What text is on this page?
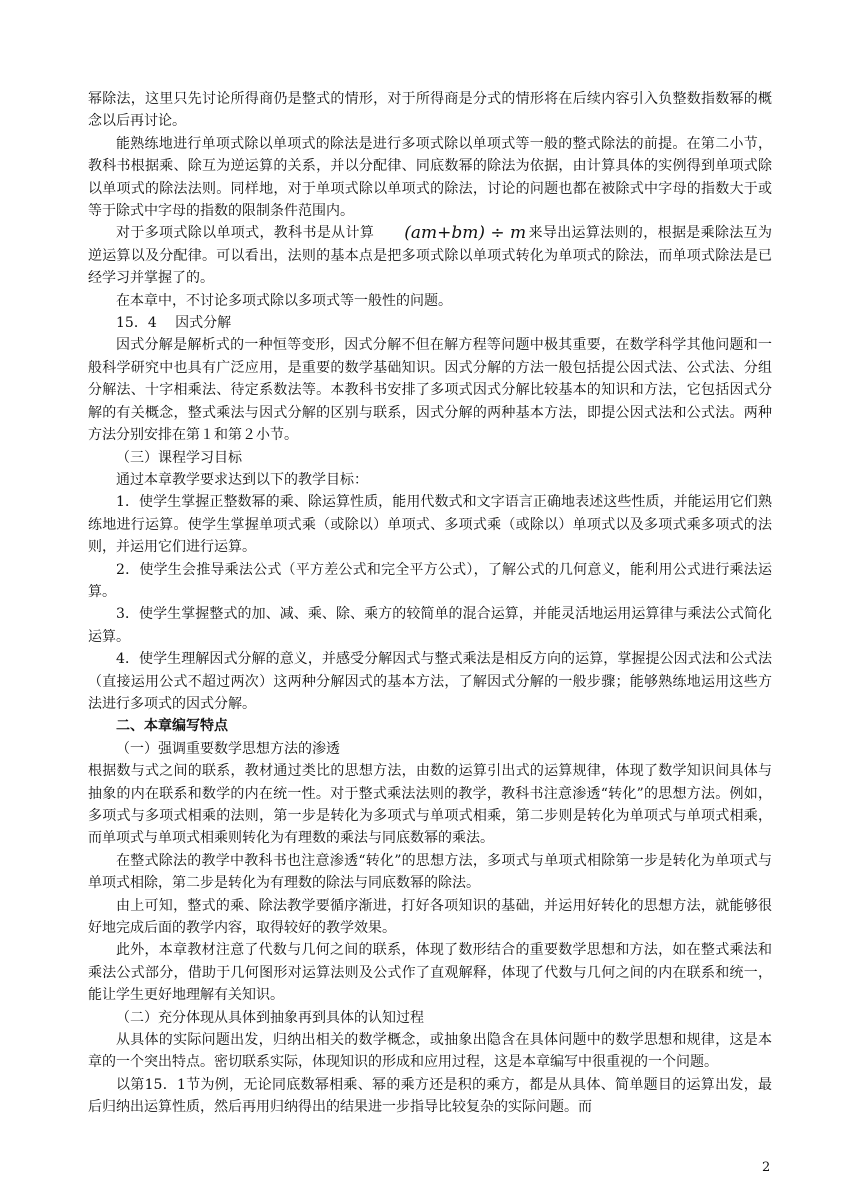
幂除法，这里只先讨论所得商仍是整式的情形，对于所得商是分式的情形将在后续内容引入负整数指数幂的概念以后再讨论。

能熟练地进行单项式除以单项式的除法是进行多项式除以单项式等一般的整式除法的前提。在第二小节，教科书根据乘、除互为逆运算的关系，并以分配律、同底数幂的除法为依据，由计算具体的实例得到单项式除以单项式的除法法则。同样地，对于单项式除以单项式的除法，讨论的问题也都在被除式中字母的指数大于或等于除式中字母的指数的限制条件范围内。

对于多项式除以单项式，教科书是从计算 (am+bm) ÷ m 来导出运算法则的，根据是乘除法互为逆运算以及分配律。可以看出，法则的基本点是把多项式除以单项式转化为单项式的除法，而单项式除法是已经学习并掌握了的。

在本章中，不讨论多项式除以多项式等一般性的问题。

15．4　 因式分解

因式分解是解析式的一种恒等变形，因式分解不但在解方程等问题中极其重要，在数学科学其他问题和一般科学研究中也具有广泛应用，是重要的数学基础知识。因式分解的方法一般包括提公因式法、公式法、分组分解法、十字相乘法、待定系数法等。本教科书安排了多项式因式分解比较基本的知识和方法，它包括因式分解的有关概念，整式乘法与因式分解的区别与联系，因式分解的两种基本方法，即提公因式法和公式法。两种方法分别安排在第１和第２小节。

（三）课程学习目标

通过本章教学要求达到以下的教学目标：

1．使学生掌握正整数幂的乘、除运算性质，能用代数式和文字语言正确地表述这些性质，并能运用它们熟练地进行运算。使学生掌握单项式乘（或除以）单项式、多项式乘（或除以）单项式以及多项式乘多项式的法则，并运用它们进行运算。

2．使学生会推导乘法公式（平方差公式和完全平方公式），了解公式的几何意义，能利用公式进行乘法运算。

3．使学生掌握整式的加、减、乘、除、乘方的较简单的混合运算，并能灵活地运用运算律与乘法公式简化运算。

4．使学生理解因式分解的意义，并感受分解因式与整式乘法是相反方向的运算，掌握提公因式法和公式法（直接运用公式不超过两次）这两种分解因式的基本方法，了解因式分解的一般步骤；能够熟练地运用这些方法进行多项式的因式分解。

二、本章编写特点

（一）强调重要数学思想方法的渗透

根据数与式之间的联系，教材通过类比的思想方法，由数的运算引出式的运算规律，体现了数学知识间具体与抽象的内在联系和数学的内在统一性。对于整式乘法法则的教学，教科书注意渗透“转化”的思想方法。例如，多项式与多项式相乘的法则，第一步是转化为多项式与单项式相乘，第二步则是转化为单项式与单项式相乘，而单项式与单项式相乘则转化为有理数的乘法与同底数幂的乘法。

在整式除法的教学中教科书也注意渗透“转化”的思想方法，多项式与单项式相除第一步是转化为单项式与单项式相除，第二步是转化为有理数的除法与同底数幂的除法。

由上可知，整式的乘、除法教学要循序渐进，打好各项知识的基础，并运用好转化的思想方法，就能够很好地完成后面的教学内容，取得较好的教学效果。

此外，本章教材注意了代数与几何之间的联系，体现了数形结合的重要数学思想和方法，如在整式乘法和乘法公式部分，借助于几何图形对运算法则及公式作了直观解释，体现了代数与几何之间的内在联系和统一，能让学生更好地理解有关知识。

（二）充分体现从具体到抽象再到具体的认知过程

从具体的实际问题出发，归纳出相关的数学概念，或抽象出隐含在具体问题中的数学思想和规律，这是本章的一个突出特点。密切联系实际，体现知识的形成和应用过程，这是本章编写中很重视的一个问题。

以第15．1节为例，无论同底数幂相乘、幂的乘方还是积的乘方，都是从具体、简单题目的运算出发，最后归纳出运算性质，然后再用归纳得出的结果进一步指导比较复杂的实际问题。而

2
